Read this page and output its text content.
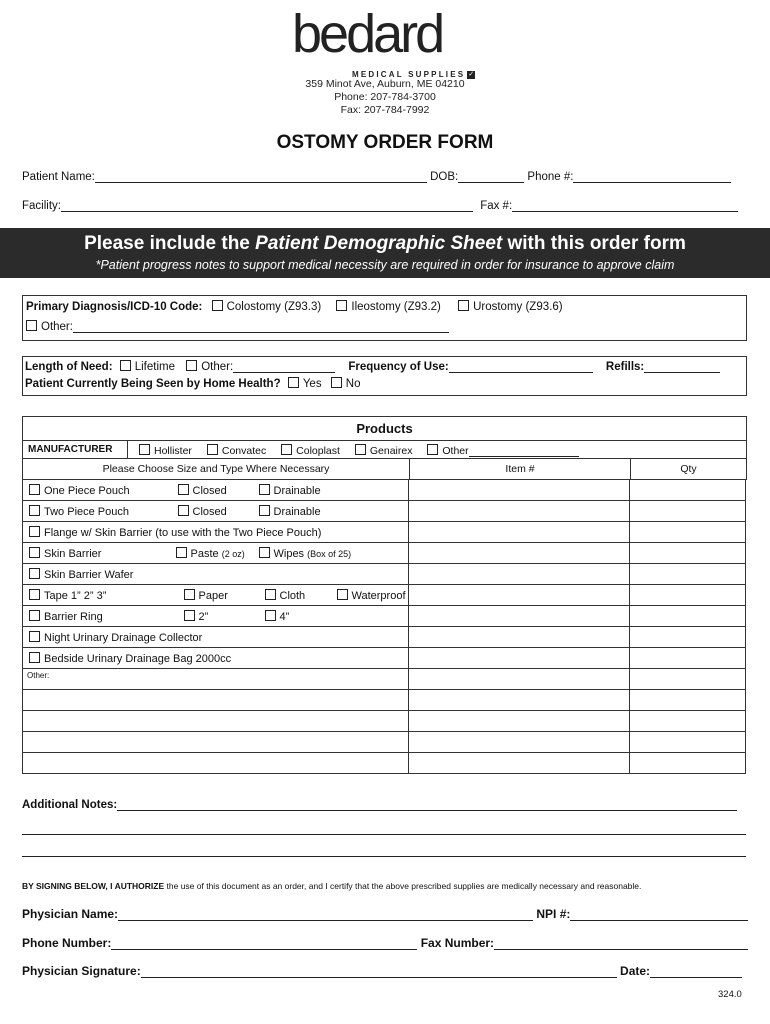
bedard
MEDICAL SUPPLIES ✓
359 Minot Ave, Auburn, ME 04210
Phone: 207-784-3700
Fax: 207-784-7992
OSTOMY ORDER FORM
Patient Name:	DOB:	Phone #:
Facility:	Fax #:
Please include the Patient Demographic Sheet with this order form
*Patient progress notes to support medical necessity are required in order for insurance to approve claim
Primary Diagnosis/ICD-10 Code: Colostomy (Z93.3)	Ileostomy (Z93.2)	Urostomy (Z93.6)
Other:
Length of Need: Lifetime Other:	Frequency of Use:	Refills:
Patient Currently Being Seen by Home Health? Yes No
Products
MANUFACTURER	Hollister	Convatec	Coloplast	Genairex	Other
Please Choose Size and Type Where Necessary	Item #	Qty
One Piece Pouch Closed Drainable		

Two Piece Pouch Closed Drainable		

Flange w/ Skin Barrier (to use with the Two Piece Pouch)		
Skin Barrier Paste (2 oz) Wipes (Box of 25)		

Skin Barrier Wafer		
Tape 1” 2” 3” Paper Cloth Waterproof		

Barrier Ring 2” 4”		

Night Urinary Drainage Collector		
Bedside Urinary Drainage Bag 2000cc		
Other:		

Additional Notes:
BY SIGNING BELOW, I AUTHORIZE the use of this document as an order, and I certify that the above prescribed supplies are medically necessary and reasonable.
Physician Name:	NPI #:
Phone Number:	Fax Number:
Physician Signature:	Date:
324.0
